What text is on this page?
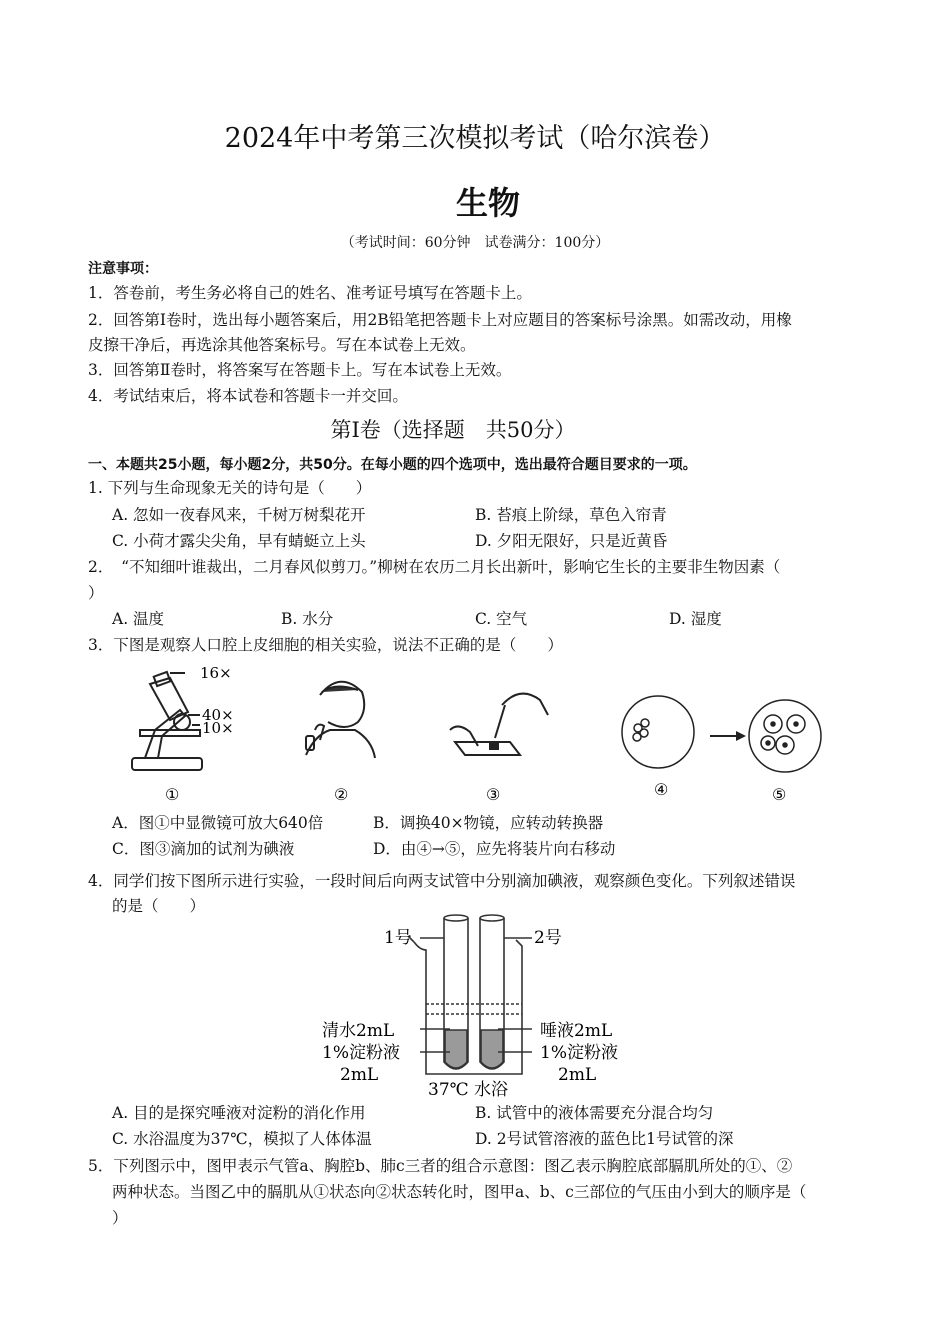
2024年中考第三次模拟考试（哈尔滨卷）
生物
（考试时间：60分钟　试卷满分：100分）
注意事项：
1．答卷前，考生务必将自己的姓名、准考证号填写在答题卡上。
2．回答第Ⅰ卷时，选出每小题答案后，用2B铅笔把答题卡上对应题目的答案标号涂黑。如需改动，用橡
皮擦干净后，再选涂其他答案标号。写在本试卷上无效。
3．回答第Ⅱ卷时，将答案写在答题卡上。写在本试卷上无效。
4．考试结束后，将本试卷和答题卡一并交回。
第Ⅰ卷（选择题　共50分）
一、本题共25小题，每小题2分，共50分。在每小题的四个选项中，选出最符合题目要求的一项。
1. 下列与生命现象无关的诗句是（　　）
A. 忽如一夜春风来，千树万树梨花开	B. 苔痕上阶绿，草色入帘青
C. 小荷才露尖尖角，早有蜻蜓立上头	D. 夕阳无限好，只是近黄昏
2．　“不知细叶谁裁出，二月春风似剪刀。”柳树在农历二月长出新叶，影响它生长的主要非生物因素（
）
A. 温度	B. 水分	C. 空气	D. 湿度
3．下图是观察人口腔上皮细胞的相关实验，说法不正确的是（　　）
16×
40×
10×
①	②	③	④	⑤
A．图①中显微镜可放大640倍	B．调换40×物镜，应转动转换器
C．图③滴加的试剂为碘液	D．由④→⑤，应先将装片向右移动
4．同学们按下图所示进行实验，一段时间后向两支试管中分别滴加碘液，观察颜色变化。下列叙述错误
的是（　　）
1号	2号
清水2mL
1%淀粉液
2mL
唾液2mL
1%淀粉液
2mL
37℃ 水浴
A. 目的是探究唾液对淀粉的消化作用	B. 试管中的液体需要充分混合均匀
C. 水浴温度为37℃，模拟了人体体温	D. 2号试管溶液的蓝色比1号试管的深
5．下列图示中，图甲表示气管a、胸腔b、肺c三者的组合示意图：图乙表示胸腔底部膈肌所处的①、②
两种状态。当图乙中的膈肌从①状态向②状态转化时，图甲a、b、c三部位的气压由小到大的顺序是（
）
